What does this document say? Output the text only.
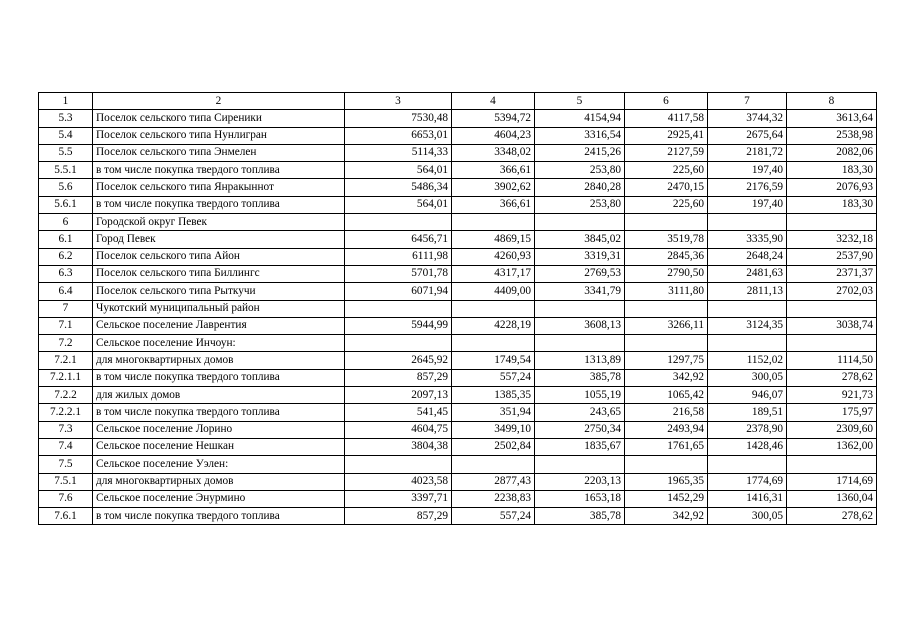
1	2	3	4	5	6	7	8
5.3	Поселок сельского типа Сиреники	7530,48	5394,72	4154,94	4117,58	3744,32	3613,64
5.4	Поселок сельского типа Нунлигран	6653,01	4604,23	3316,54	2925,41	2675,64	2538,98
5.5	Поселок сельского типа Энмелен	5114,33	3348,02	2415,26	2127,59	2181,72	2082,06
5.5.1	в том числе покупка твердого топлива	564,01	366,61	253,80	225,60	197,40	183,30
5.6	Поселок сельского типа Янракыннот	5486,34	3902,62	2840,28	2470,15	2176,59	2076,93
5.6.1	в том числе покупка твердого топлива	564,01	366,61	253,80	225,60	197,40	183,30
6	Городской округ Певек						
6.1	Город Певек	6456,71	4869,15	3845,02	3519,78	3335,90	3232,18
6.2	Поселок сельского типа Айон	6111,98	4260,93	3319,31	2845,36	2648,24	2537,90
6.3	Поселок сельского типа Биллингс	5701,78	4317,17	2769,53	2790,50	2481,63	2371,37
6.4	Поселок сельского типа Рыткучи	6071,94	4409,00	3341,79	3111,80	2811,13	2702,03
7	Чукотский муниципальный район						
7.1	Сельское поселение Лаврентия	5944,99	4228,19	3608,13	3266,11	3124,35	3038,74
7.2	Сельское поселение Инчоун:						
7.2.1	для многоквартирных домов	2645,92	1749,54	1313,89	1297,75	1152,02	1114,50
7.2.1.1	в том числе покупка твердого топлива	857,29	557,24	385,78	342,92	300,05	278,62
7.2.2	для жилых домов	2097,13	1385,35	1055,19	1065,42	946,07	921,73
7.2.2.1	в том числе покупка твердого топлива	541,45	351,94	243,65	216,58	189,51	175,97
7.3	Сельское поселение Лорино	4604,75	3499,10	2750,34	2493,94	2378,90	2309,60
7.4	Сельское поселение Нешкан	3804,38	2502,84	1835,67	1761,65	1428,46	1362,00
7.5	Сельское поселение Уэлен:						
7.5.1	для многоквартирных домов	4023,58	2877,43	2203,13	1965,35	1774,69	1714,69
7.6	Сельское поселение Энурмино	3397,71	2238,83	1653,18	1452,29	1416,31	1360,04
7.6.1	в том числе покупка твердого топлива	857,29	557,24	385,78	342,92	300,05	278,62
